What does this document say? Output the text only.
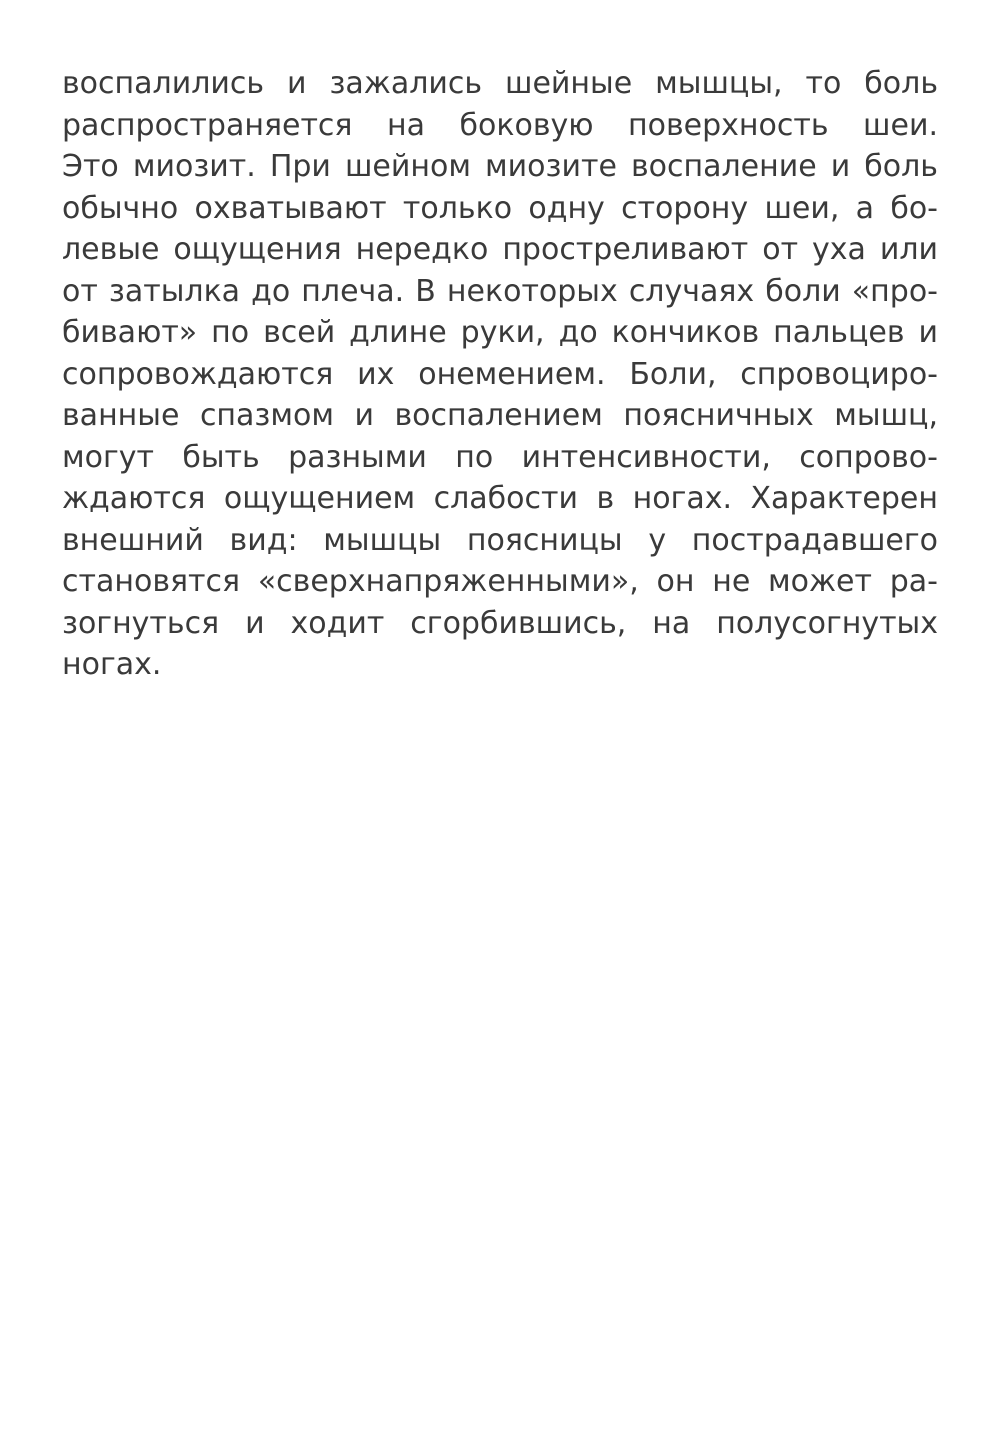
воспалились и зажались шейные мышцы, то боль
распространяется на боковую поверхность шеи.
Это миозит. При шейном миозите воспаление и боль
обычно охватывают только одну сторону шеи, а бо-
левые ощущения нередко простреливают от уха или
от затылка до плеча. В некоторых случаях боли «про-
бивают» по всей длине руки, до кончиков пальцев и
сопровождаются их онемением. Боли, спровоциро-
ванные спазмом и воспалением поясничных мышц,
могут быть разными по интенсивности, сопрово-
ждаются ощущением слабости в ногах. Характерен
внешний вид: мышцы поясницы у пострадавшего
становятся «сверхнапряженными», он не может ра-
зогнуться и ходит сгорбившись, на полусогнутых
ногах.
